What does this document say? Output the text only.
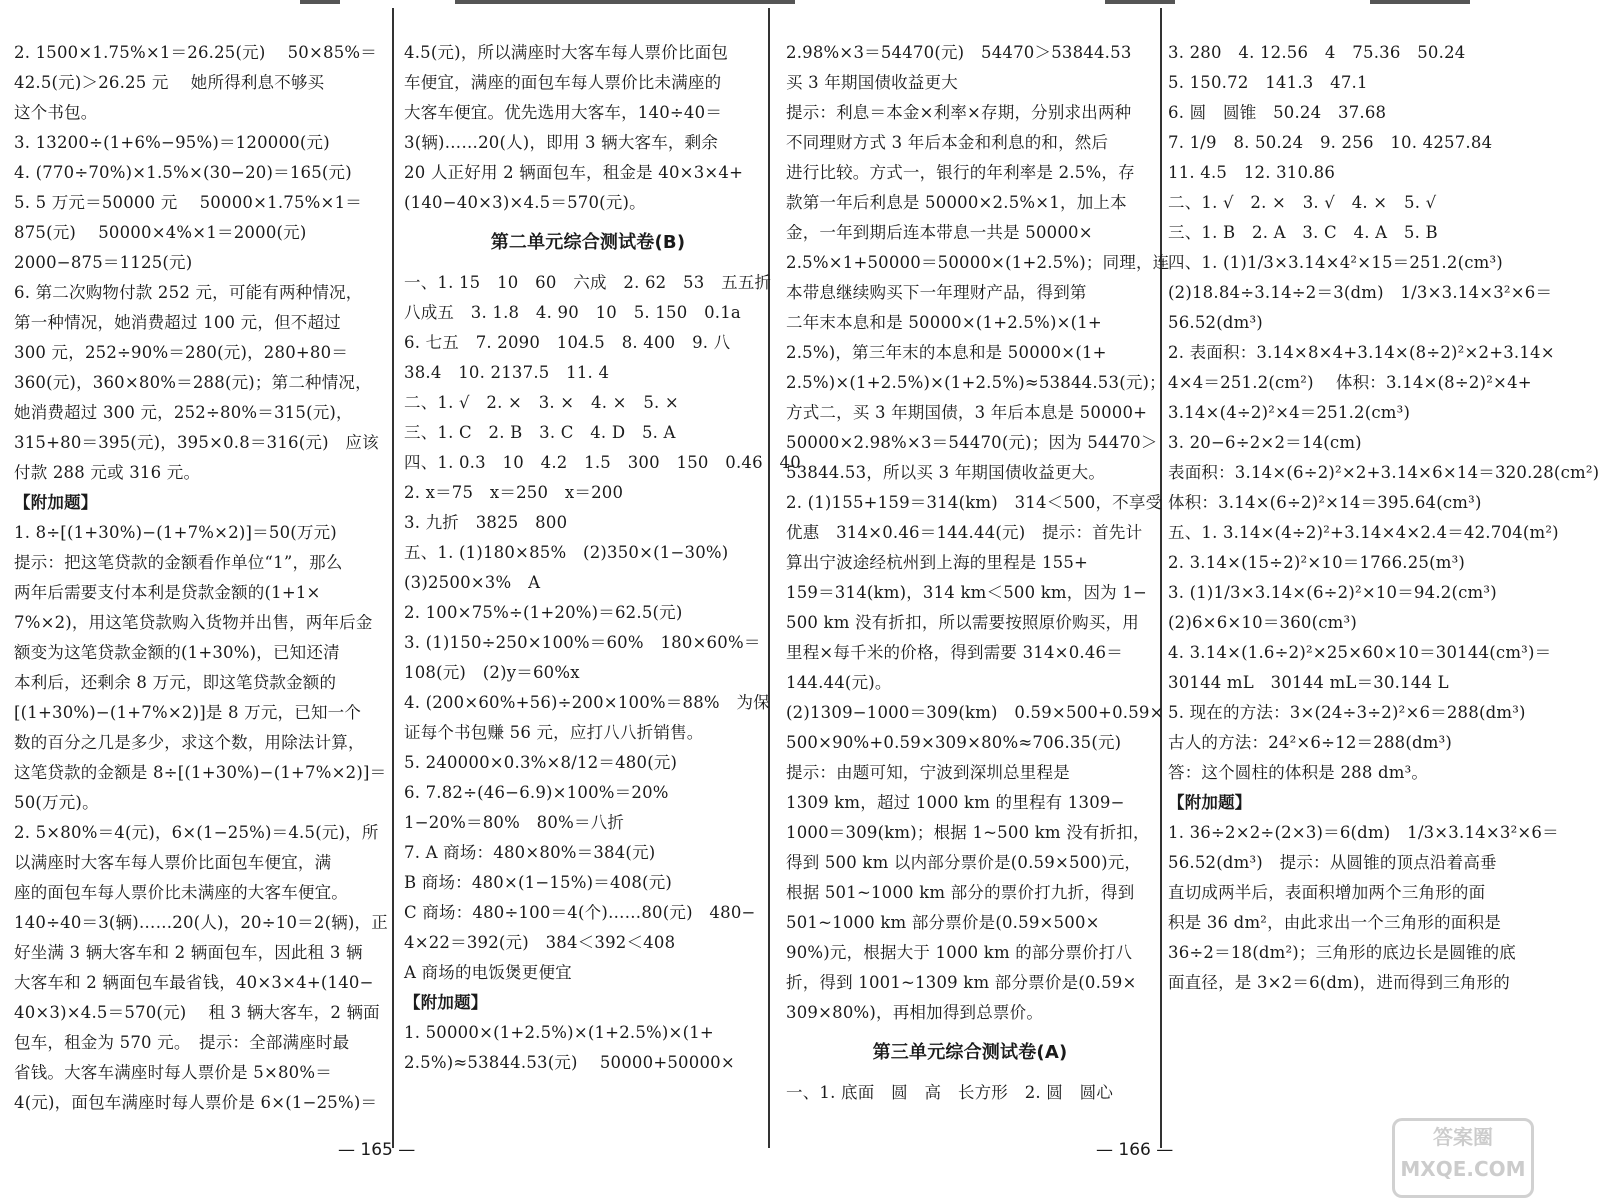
2. 1500×1.75%×1＝26.25(元)　 50×85%＝

42.5(元)＞26.25 元　 她所得利息不够买

这个书包。

3. 13200÷(1+6%−95%)＝120000(元)

4. (770÷70%)×1.5%×(30−20)＝165(元)

5. 5 万元＝50000 元　 50000×1.75%×1＝

875(元)　 50000×4%×1＝2000(元)

2000−875＝1125(元)

6. 第二次购物付款 252 元，可能有两种情况，

第一种情况，她消费超过 100 元，但不超过

300 元，252÷90%＝280(元)，280+80＝

360(元)，360×80%＝288(元)；第二种情况，

她消费超过 300 元，252÷80%＝315(元)，

315+80＝395(元)，395×0.8＝316(元)　应该

付款 288 元或 316 元。

【附加题】

1. 8÷[(1+30%)−(1+7%×2)]＝50(万元)

提示：把这笔贷款的金额看作单位“1”，那么

两年后需要支付本利是贷款金额的(1+1×

7%×2)，用这笔贷款购入货物并出售，两年后金

额变为这笔贷款金额的(1+30%)，已知还清

本利后，还剩余 8 万元，即这笔贷款金额的

[(1+30%)−(1+7%×2)]是 8 万元，已知一个

数的百分之几是多少，求这个数，用除法计算，

这笔贷款的金额是 8÷[(1+30%)−(1+7%×2)]＝

50(万元)。

2. 5×80%＝4(元)，6×(1−25%)＝4.5(元)，所

以满座时大客车每人票价比面包车便宜，满

座的面包车每人票价比未满座的大客车便宜。

140÷40＝3(辆)……20(人)，20÷10＝2(辆)，正

好坐满 3 辆大客车和 2 辆面包车，因此租 3 辆

大客车和 2 辆面包车最省钱，40×3×4+(140−

40×3)×4.5＝570(元)　 租 3 辆大客车，2 辆面

包车，租金为 570 元。　提示：全部满座时最

省钱。大客车满座时每人票价是 5×80%＝

4(元)，面包车满座时每人票价是 6×(1−25%)＝

4.5(元)，所以满座时大客车每人票价比面包

车便宜，满座的面包车每人票价比未满座的

大客车便宜。优先选用大客车，140÷40＝

3(辆)……20(人)，即用 3 辆大客车，剩余

20 人正好用 2 辆面包车，租金是 40×3×4+

(140−40×3)×4.5＝570(元)。

第二单元综合测试卷(B)

一、1. 15　10　60　六成　2. 62　53　五五折

八成五　3. 1.8　4. 90　10　5. 150　0.1a

6. 七五　7. 2090　104.5　8. 400　9. 八

38.4　10. 2137.5　11. 4

二、1. √　2. ×　3. ×　4. ×　5. ×

三、1. C　2. B　3. C　4. D　5. A

四、1. 0.3　10　4.2　1.5　300　150　0.46　40

2. x＝75　x＝250　x＝200

3. 九折　3825　800

五、1. (1)180×85%　(2)350×(1−30%)

(3)2500×3%　A

2. 100×75%÷(1+20%)＝62.5(元)

3. (1)150÷250×100%＝60%　180×60%＝

108(元)　(2)y＝60%x

4. (200×60%+56)÷200×100%＝88%　为保

证每个书包赚 56 元，应打八八折销售。

5. 240000×0.3%×8/12＝480(元)

6. 7.82÷(46−6.9)×100%＝20%

1−20%＝80%　80%＝八折

7. A 商场：480×80%＝384(元)

B 商场：480×(1−15%)＝408(元)

C 商场：480÷100＝4(个)……80(元)　480−

4×22＝392(元)　384＜392＜408

A 商场的电饭煲更便宜

【附加题】

1. 50000×(1+2.5%)×(1+2.5%)×(1+

2.5%)≈53844.53(元)　 50000+50000×

2.98%×3＝54470(元)　54470＞53844.53

买 3 年期国债收益更大

提示：利息＝本金×利率×存期，分别求出两种

不同理财方式 3 年后本金和利息的和，然后

进行比较。方式一，银行的年利率是 2.5%，存

款第一年后利息是 50000×2.5%×1，加上本

金，一年到期后连本带息一共是 50000×

2.5%×1+50000＝50000×(1+2.5%)；同理，连

本带息继续购买下一年理财产品，得到第

二年末本息和是 50000×(1+2.5%)×(1+

2.5%)，第三年末的本息和是 50000×(1+

2.5%)×(1+2.5%)×(1+2.5%)≈53844.53(元)；

方式二，买 3 年期国债，3 年后本息是 50000+

50000×2.98%×3＝54470(元)；因为 54470＞

53844.53，所以买 3 年期国债收益更大。

2. (1)155+159＝314(km)　314＜500，不享受

优惠　314×0.46＝144.44(元)　提示：首先计

算出宁波途经杭州到上海的里程是 155+

159＝314(km)，314 km＜500 km，因为 1−

500 km 没有折扣，所以需要按照原价购买，用

里程×每千米的价格，得到需要 314×0.46＝

144.44(元)。

(2)1309−1000＝309(km)　0.59×500+0.59×

500×90%+0.59×309×80%≈706.35(元)

提示：由题可知，宁波到深圳总里程是

1309 km，超过 1000 km 的里程有 1309−

1000＝309(km)；根据 1~500 km 没有折扣，

得到 500 km 以内部分票价是(0.59×500)元，

根据 501~1000 km 部分的票价打九折，得到

501~1000 km 部分票价是(0.59×500×

90%)元，根据大于 1000 km 的部分票价打八

折，得到 1001~1309 km 部分票价是(0.59×

309×80%)，再相加得到总票价。

第三单元综合测试卷(A)

一、1. 底面　圆　高　长方形　2. 圆　圆心

3. 280　4. 12.56　4　75.36　50.24

5. 150.72　141.3　47.1

6. 圆　圆锥　50.24　37.68

7. 1/9　8. 50.24　9. 256　10. 4257.84

11. 4.5　12. 310.86

二、1. √　2. ×　3. √　4. ×　5. √

三、1. B　2. A　3. C　4. A　5. B

四、1. (1)1/3×3.14×4²×15＝251.2(cm³)

(2)18.84÷3.14÷2＝3(dm)　1/3×3.14×3²×6＝

56.52(dm³)

2. 表面积：3.14×8×4+3.14×(8÷2)²×2+3.14×

4×4＝251.2(cm²)　 体积：3.14×(8÷2)²×4+

3.14×(4÷2)²×4＝251.2(cm³)

3. 20−6÷2×2＝14(cm)

表面积：3.14×(6÷2)²×2+3.14×6×14＝320.28(cm²)

体积：3.14×(6÷2)²×14＝395.64(cm³)

五、1. 3.14×(4÷2)²+3.14×4×2.4＝42.704(m²)

2. 3.14×(15÷2)²×10＝1766.25(m³)

3. (1)1/3×3.14×(6÷2)²×10＝94.2(cm³)

(2)6×6×10＝360(cm³)

4. 3.14×(1.6÷2)²×25×60×10＝30144(cm³)＝

30144 mL　30144 mL＝30.144 L

5. 现在的方法：3×(24÷3÷2)²×6＝288(dm³)

古人的方法：24²×6÷12＝288(dm³)

答：这个圆柱的体积是 288 dm³。

【附加题】

1. 36÷2×2÷(2×3)＝6(dm)　1/3×3.14×3²×6＝

56.52(dm³)　提示：从圆锥的顶点沿着高垂

直切成两半后，表面积增加两个三角形的面

积是 36 dm²，由此求出一个三角形的面积是

36÷2＝18(dm²)；三角形的底边长是圆锥的底

面直径，是 3×2＝6(dm)，进而得到三角形的

— 165 —	— 166 —
答案圈
MXQE.COM
